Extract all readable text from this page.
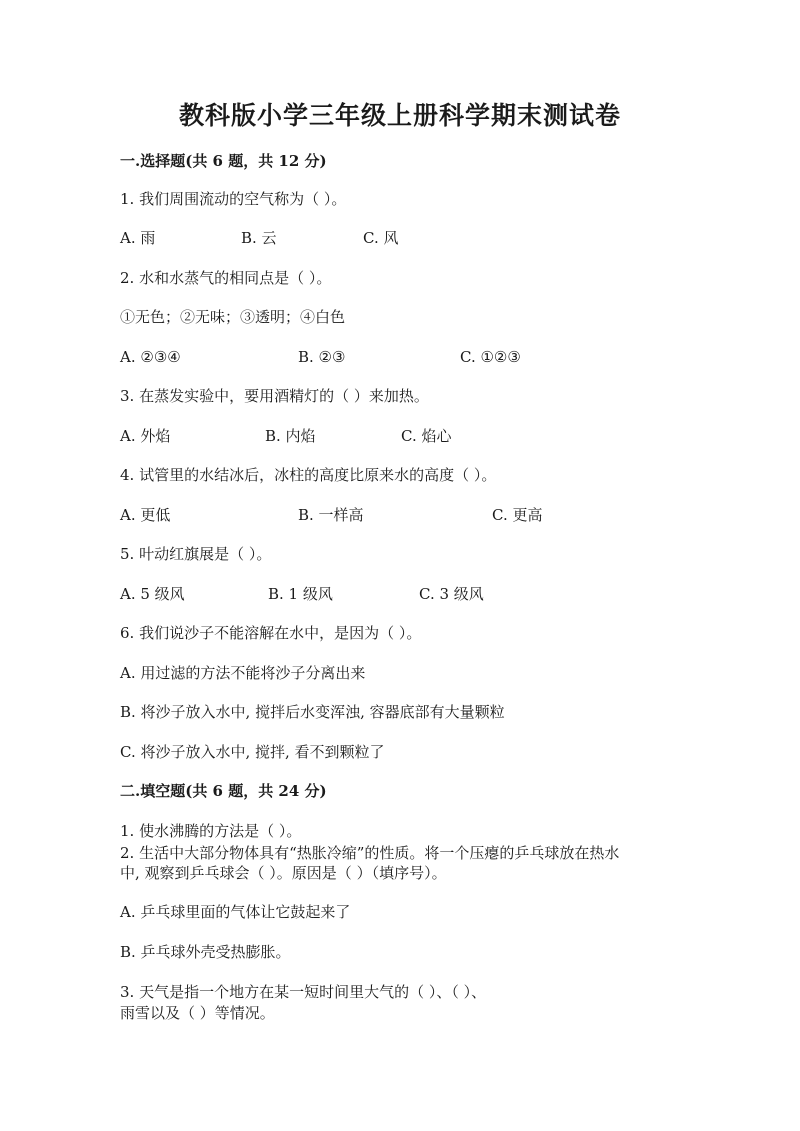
教科版小学三年级上册科学期末测试卷
一.选择题(共 6 题，共 12 分)
1. 我们周围流动的空气称为（ ）。
A. 雨	B. 云	C. 风
2. 水和水蒸气的相同点是（ ）。
①无色；②无味；③透明；④白色
A. ②③④	B. ②③	C. ①②③
3. 在蒸发实验中，要用酒精灯的（ ）来加热。
A. 外焰	B. 内焰	C. 焰心
4. 试管里的水结冰后，冰柱的高度比原来水的高度（ ）。
A. 更低	B. 一样高	C. 更高
5. 叶动红旗展是（ ）。
A. 5 级风	B. 1 级风	C. 3 级风
6. 我们说沙子不能溶解在水中，是因为（ ）。
A. 用过滤的方法不能将沙子分离出来
B. 将沙子放入水中, 搅拌后水变浑浊, 容器底部有大量颗粒
C. 将沙子放入水中, 搅拌, 看不到颗粒了
二.填空题(共 6 题，共 24 分)
1. 使水沸腾的方法是（ ）。
2. 生活中大部分物体具有“热胀冷缩”的性质。将一个压瘪的乒乓球放在热水
中, 观察到乒乓球会（ ）。原因是（ ）（填序号）。
A. 乒乓球里面的气体让它鼓起来了
B. 乒乓球外壳受热膨胀。
3. 天气是指一个地方在某一短时间里大气的（ ）、（ ）、
雨雪以及（ ）等情况。
